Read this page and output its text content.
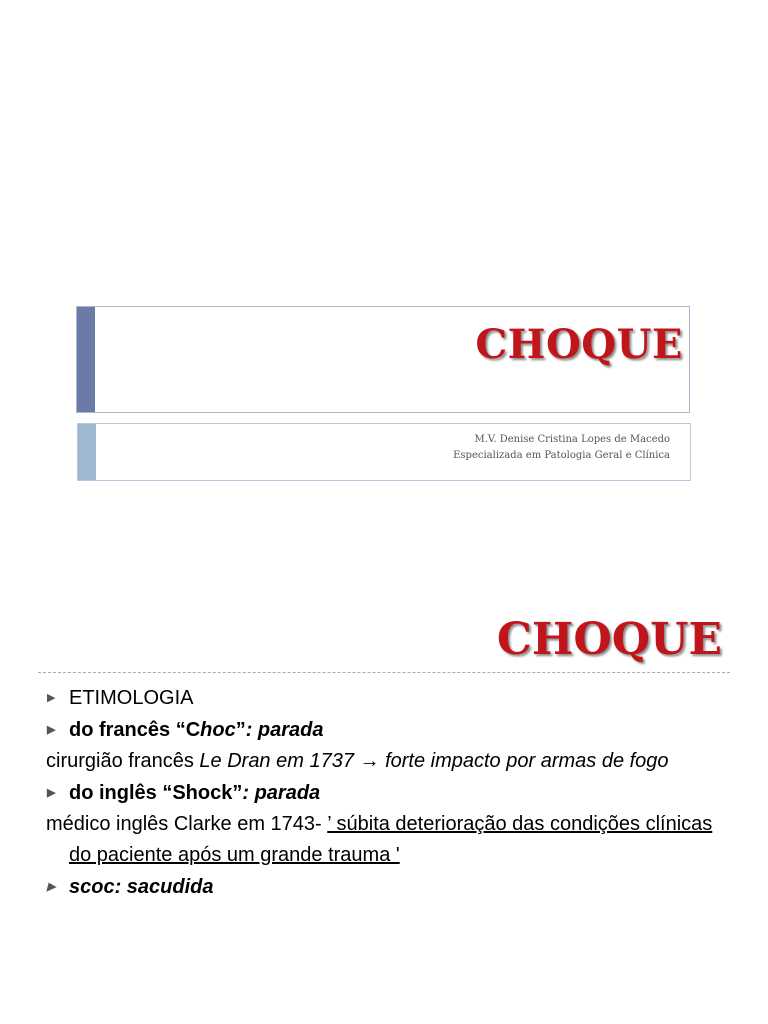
CHOQUE
M.V. Denise Cristina Lopes de Macedo
Especializada em Patologia Geral e Clínica
CHOQUE
▶ ETIMOLOGIA
▶ do francês “Choc”: parada
cirurgião francês Le Dran em 1737 → forte impacto por armas de fogo
▶ do inglês “Shock”: parada
médico inglês Clarke em 1743- ’ súbita deterioração das condições clínicas do paciente após um grande trauma '
▶ scoc: sacudida
